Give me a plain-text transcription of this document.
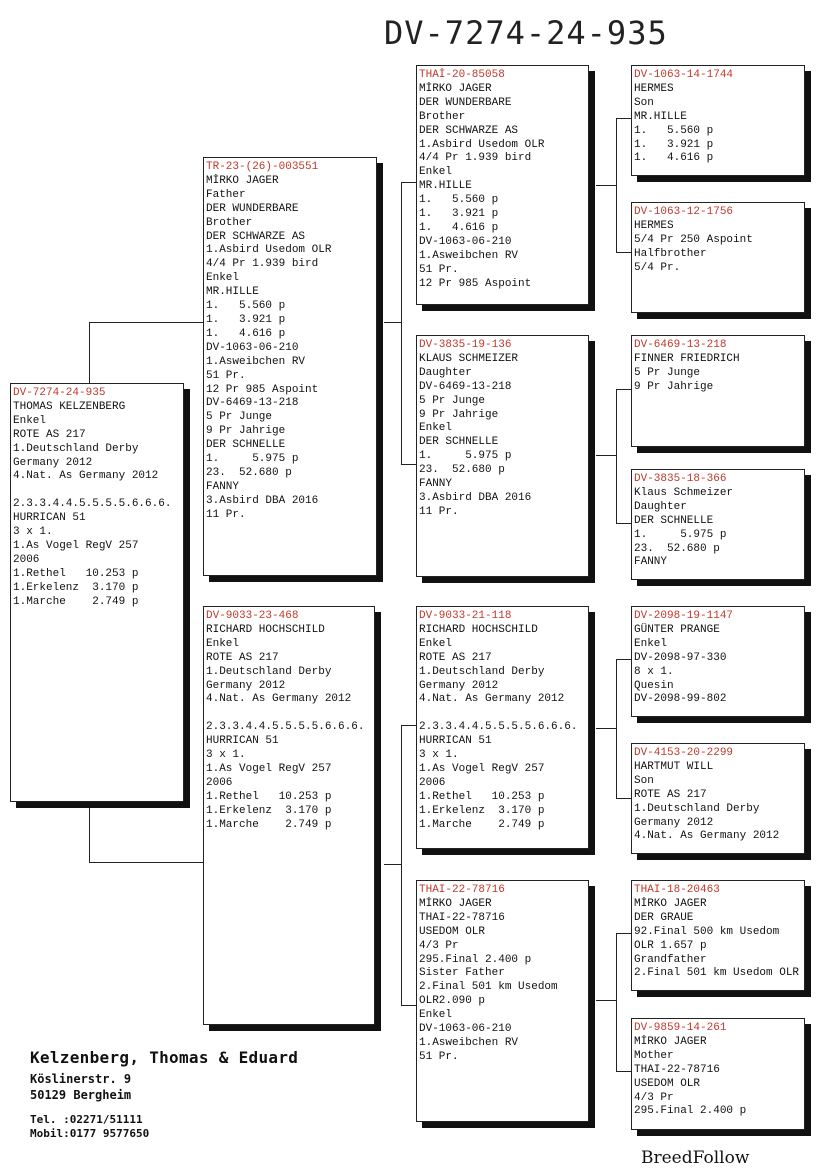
DV-7274-24-935
DV-7274-24-935
THOMAS KELZENBERG
Enkel
ROTE AS 217
1.Deutschland Derby
Germany 2012
4.Nat. As Germany 2012

2.3.3.4.4.5.5.5.5.6.6.6.
HURRICAN 51
3 x 1.
1.As Vogel RegV 257
2006
1.Rethel   10.253 p
1.Erkelenz  3.170 p
1.Marche    2.749 p
TR-23-(26)-003551
MİRKO JAGER
Father
DER WUNDERBARE
Brother
DER SCHWARZE AS
1.Asbird Usedom OLR
4/4 Pr 1.939 bird
Enkel
MR.HILLE
1.   5.560 p
1.   3.921 p
1.   4.616 p
DV-1063-06-210
1.Asweibchen RV
51 Pr.
12 Pr 985 Aspoint
DV-6469-13-218
5 Pr Junge
9 Pr Jahrige
DER SCHNELLE
1.     5.975 p
23.  52.680 p
FANNY
3.Asbird DBA 2016
11 Pr.
DV-9033-23-468
RICHARD HOCHSCHILD
Enkel
ROTE AS 217
1.Deutschland Derby
Germany 2012
4.Nat. As Germany 2012

2.3.3.4.4.5.5.5.5.6.6.6.
HURRICAN 51
3 x 1.
1.As Vogel RegV 257
2006
1.Rethel   10.253 p
1.Erkelenz  3.170 p
1.Marche    2.749 p
THAİ-20-85058
MİRKO JAGER
DER WUNDERBARE
Brother
DER SCHWARZE AS
1.Asbird Usedom OLR
4/4 Pr 1.939 bird
Enkel
MR.HILLE
1.   5.560 p
1.   3.921 p
1.   4.616 p
DV-1063-06-210
1.Asweibchen RV
51 Pr.
12 Pr 985 Aspoint
DV-3835-19-136
KLAUS SCHMEIZER
Daughter
DV-6469-13-218
5 Pr Junge
9 Pr Jahrige
Enkel
DER SCHNELLE
1.     5.975 p
23.  52.680 p
FANNY
3.Asbird DBA 2016
11 Pr.
DV-9033-21-118
RICHARD HOCHSCHILD
Enkel
ROTE AS 217
1.Deutschland Derby
Germany 2012
4.Nat. As Germany 2012

2.3.3.4.4.5.5.5.5.6.6.6.
HURRICAN 51
3 x 1.
1.As Vogel RegV 257
2006
1.Rethel   10.253 p
1.Erkelenz  3.170 p
1.Marche    2.749 p
THAI-22-78716
MİRKO JAGER
THAI-22-78716
USEDOM OLR
4/3 Pr
295.Final 2.400 p
Sister Father
2.Final 501 km Usedom
OLR2.090 p
Enkel
DV-1063-06-210
1.Asweibchen RV
51 Pr.
DV-1063-14-1744
HERMES
Son
MR.HILLE
1.   5.560 p
1.   3.921 p
1.   4.616 p
DV-1063-12-1756
HERMES
5/4 Pr 250 Aspoint
Halfbrother
5/4 Pr.
DV-6469-13-218
FINNER FRIEDRICH
5 Pr Junge
9 Pr Jahrige
DV-3835-18-366
Klaus Schmeizer
Daughter
DER SCHNELLE
1.     5.975 p
23.  52.680 p
FANNY
DV-2098-19-1147
GÜNTER PRANGE
Enkel
DV-2098-97-330
8 x 1.
Quesin
DV-2098-99-802
DV-4153-20-2299
HARTMUT WILL
Son
ROTE AS 217
1.Deutschland Derby
Germany 2012
4.Nat. As Germany 2012
THAI-18-20463
MİRKO JAGER
DER GRAUE
92.Final 500 km Usedom
OLR 1.657 p
Grandfather
2.Final 501 km Usedom OLR
DV-9859-14-261
MİRKO JAGER
Mother
THAI-22-78716
USEDOM OLR
4/3 Pr
295.Final 2.400 p
Kelzenberg, Thomas & Eduard
Köslinerstr. 9
50129 Bergheim
Tel. :02271/51111
Mobil:0177 9577650
BreedFollow
